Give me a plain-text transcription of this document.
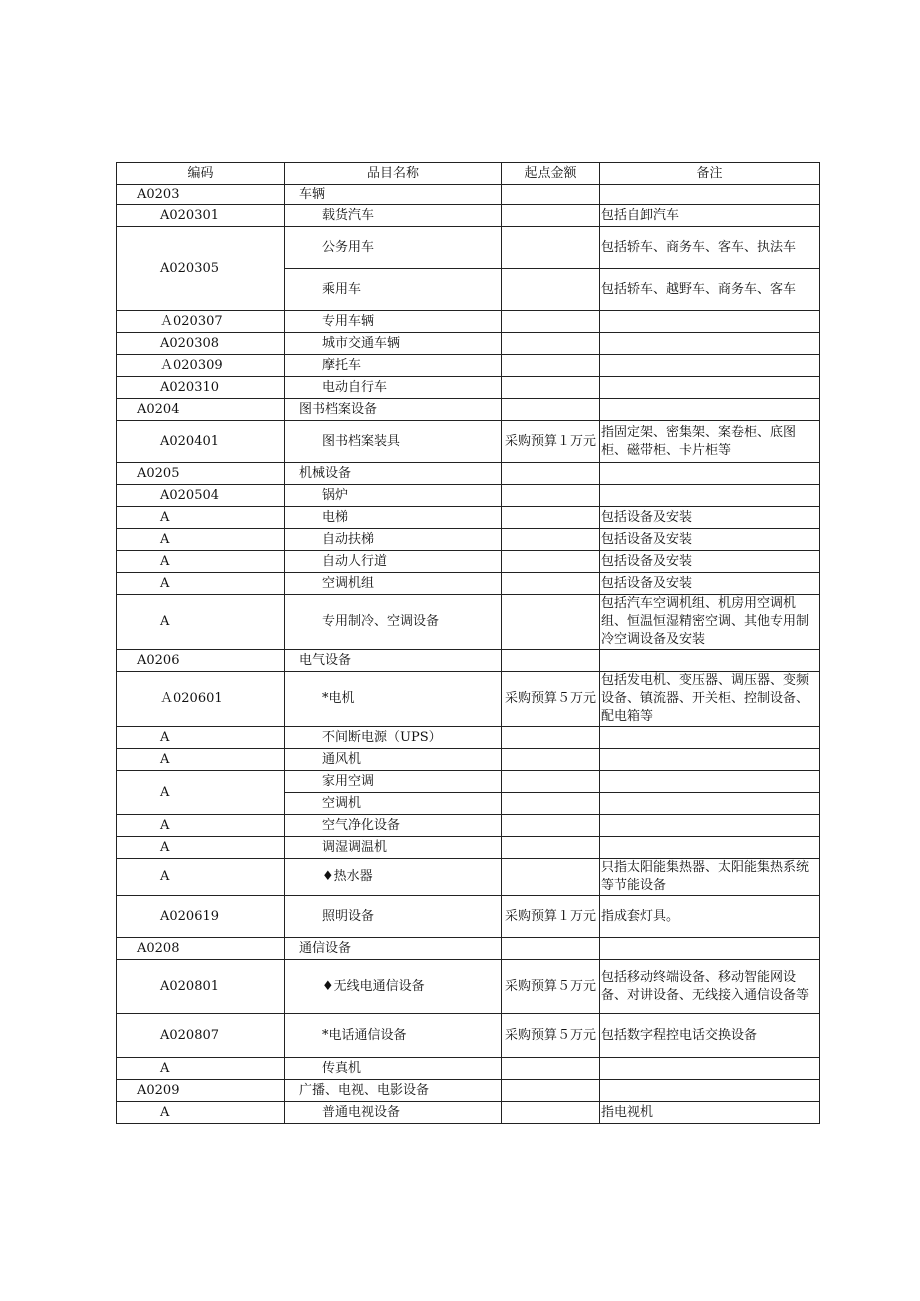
编码	品目名称	起点金额	备注
A0203	车辆		
A020301	载货汽车		包括自卸汽车
A020305	公务用车		包括轿车、商务车、客车、执法车
	乘用车		包括轿车、越野车、商务车、客车
Ａ020307	专用车辆		
A020308	城市交通车辆		
Ａ020309	摩托车		
A020310	电动自行车		
A0204	图书档案设备		
A020401	图书档案装具	采购预算１万元	指固定架、密集架、案卷柜、底图柜、磁带柜、卡片柜等
A0205	机械设备		
A020504	锅炉		
A	电梯		包括设备及安装
A	自动扶梯		包括设备及安装
A	自动人行道		包括设备及安装
A	空调机组		包括设备及安装
A	专用制冷、空调设备		包括汽车空调机组、机房用空调机组、恒温恒湿精密空调、其他专用制冷空调设备及安装
A0206	电气设备		
Ａ020601	*电机	采购预算５万元	包括发电机、变压器、调压器、变频设备、镇流器、开关柜、控制设备、配电箱等
A	不间断电源（UPS）		
A	通风机		
A	家用空调		
	空调机		
A	空气净化设备		
A	调湿调温机		
A	♦热水器		只指太阳能集热器、太阳能集热系统等节能设备
A020619	照明设备	采购预算１万元	指成套灯具。
A0208	通信设备		
A020801	♦无线电通信设备	采购预算５万元	包括移动终端设备、移动智能网设备、对讲设备、无线接入通信设备等
A020807	*电话通信设备	采购预算５万元	包括数字程控电话交换设备
A	传真机		
A0209	广播、电视、电影设备		
A	普通电视设备		指电视机
